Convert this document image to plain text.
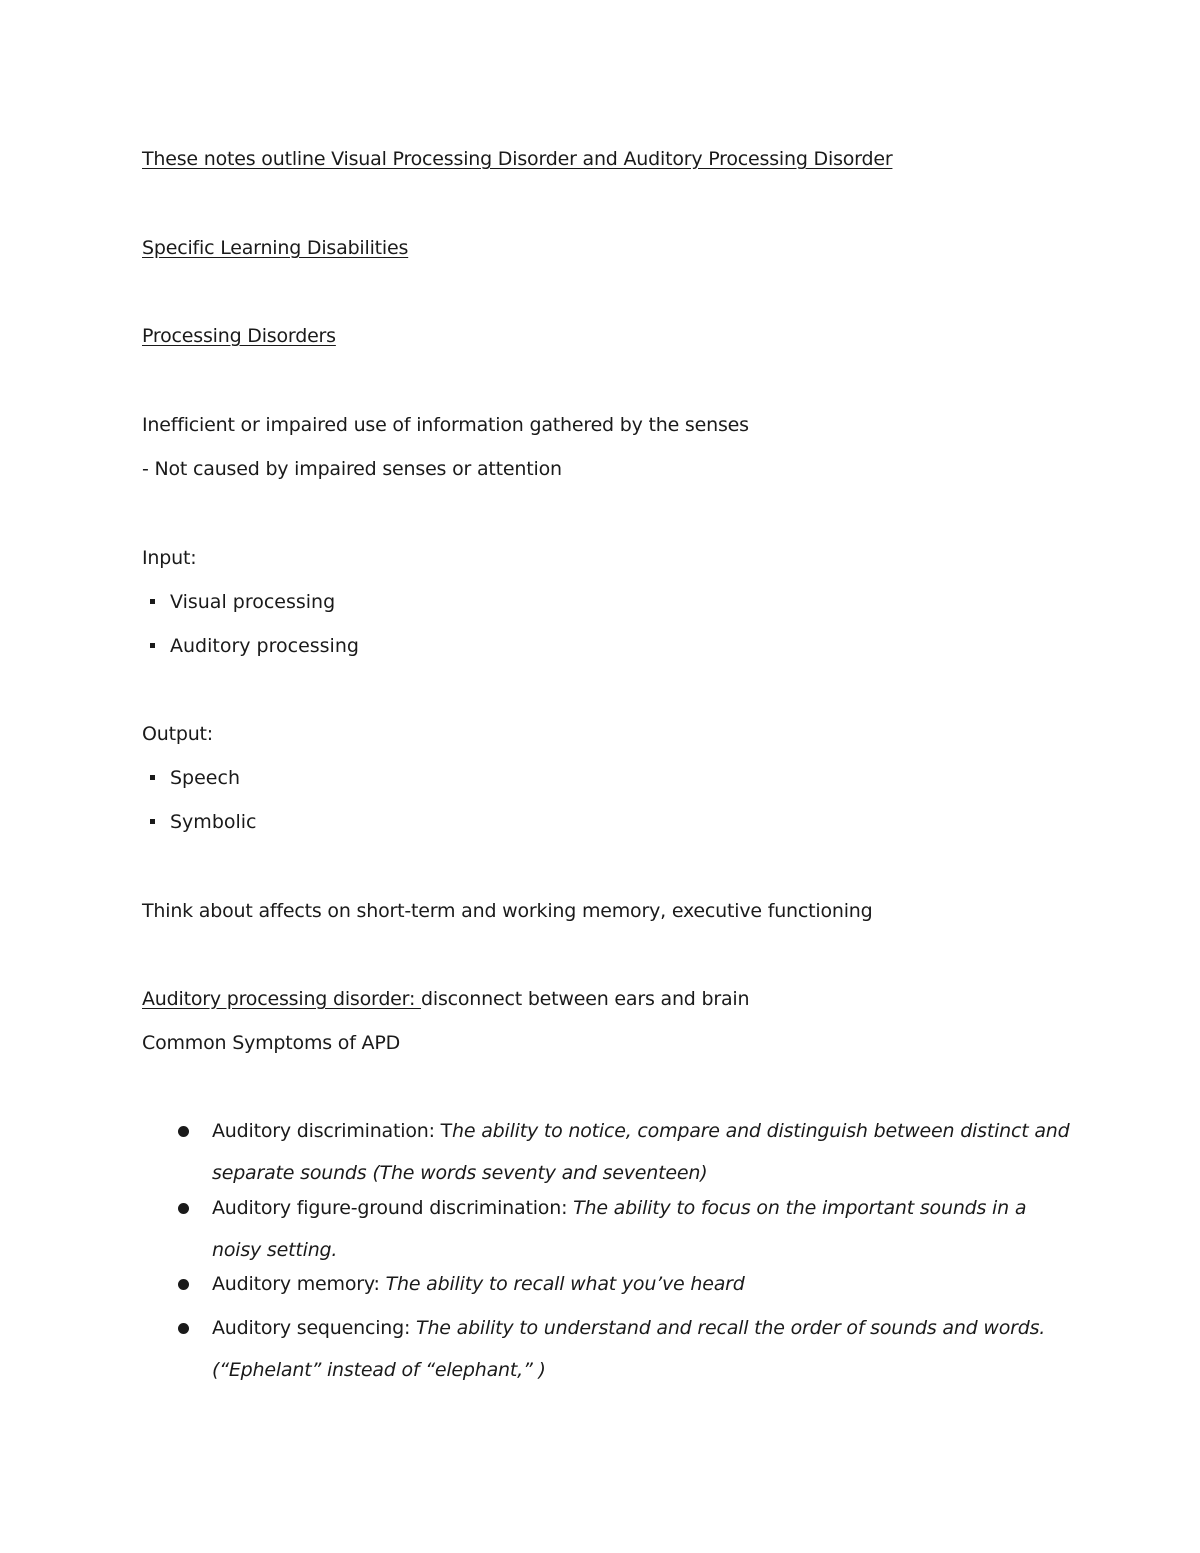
These notes outline Visual Processing Disorder and Auditory Processing Disorder
Specific Learning Disabilities
Processing Disorders
Inefficient or impaired use of information gathered by the senses
- Not caused by impaired senses or attention
Input:
Visual processing
Auditory processing
Output:
Speech
Symbolic
Think about affects on short-term and working memory, executive functioning
Auditory processing disorder: disconnect between ears and brain
Common Symptoms of APD
Auditory discrimination: The ability to notice, compare and distinguish between distinct and
separate sounds (The words seventy and seventeen)
Auditory figure-ground discrimination: The ability to focus on the important sounds in a
noisy setting.
Auditory memory: The ability to recall what you’ve heard
Auditory sequencing: The ability to understand and recall the order of sounds and words.
(“Ephelant” instead of “elephant,” )
